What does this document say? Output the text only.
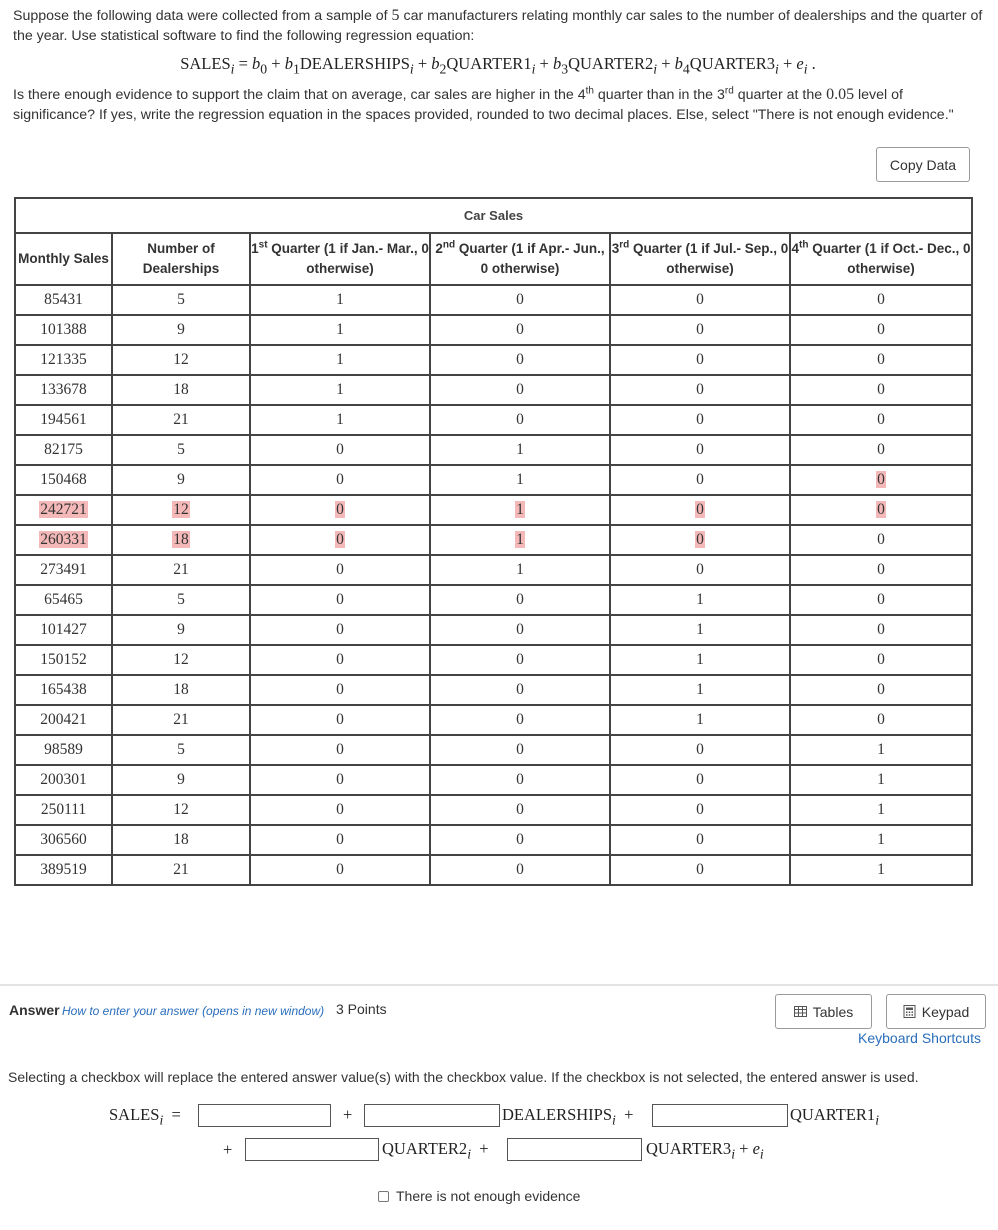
Suppose the following data were collected from a sample of 5 car manufacturers relating monthly car sales to the number of dealerships and the quarter of the year. Use statistical software to find the following regression equation:

$SALES_i = b_0$ + $b_1DEALERSHIPS_i$ + $b_2QUARTER1_i$ + $b_3QUARTER2_i$ + $b_4QUARTER3_i + e_i$ .

Is there enough evidence to support the claim that on average, car sales are higher in the 4th quarter than in the 3rd quarter at the 0.05 level of significance? If yes, write the regression equation in the spaces provided, rounded to two decimal places. Else, select "There is not enough evidence."

Copy Data
Car Sales					
Monthly Sales	Number of Dealerships	1st Quarter (1 if Jan.- Mar., 0 otherwise)	2nd Quarter (1 if Apr.- Jun., 0 otherwise)	3rd Quarter (1 if Jul.- Sep., 0 otherwise)	4th Quarter (1 if Oct.- Dec., 0 otherwise)
85431	5	1	0	0	0
101388	9	1	0	0	0
121335	12	1	0	0	0
133678	18	1	0	0	0
194561	21	1	0	0	0
82175	5	0	1	0	0
150468	9	0	1	0	0
242721	12	0	1	0	0
260331	18	0	1	0	0
273491	21	0	1	0	0
65465	5	0	0	1	0
101427	9	0	0	1	0
150152	12	0	0	1	0
165438	18	0	0	1	0
200421	21	0	0	1	0
98589	5	0	0	0	1
200301	9	0	0	0	1
250111	12	0	0	0	1
306560	18	0	0	0	1
389519	21	0	0	0	1
Answer How to enter your answer (opens in new window) 3 Points	Tables	Keypad
Keyboard Shortcuts
Selecting a checkbox will replace the entered answer value(s) with the checkbox value. If the checkbox is not selected, the entered answer is used.
$SALES_i$  =	+	$DEALERSHIPS_i$  +	$QUARTER1_i$
+	$QUARTER2_i$  +	$QUARTER3_i + e_i$
There is not enough evidence
